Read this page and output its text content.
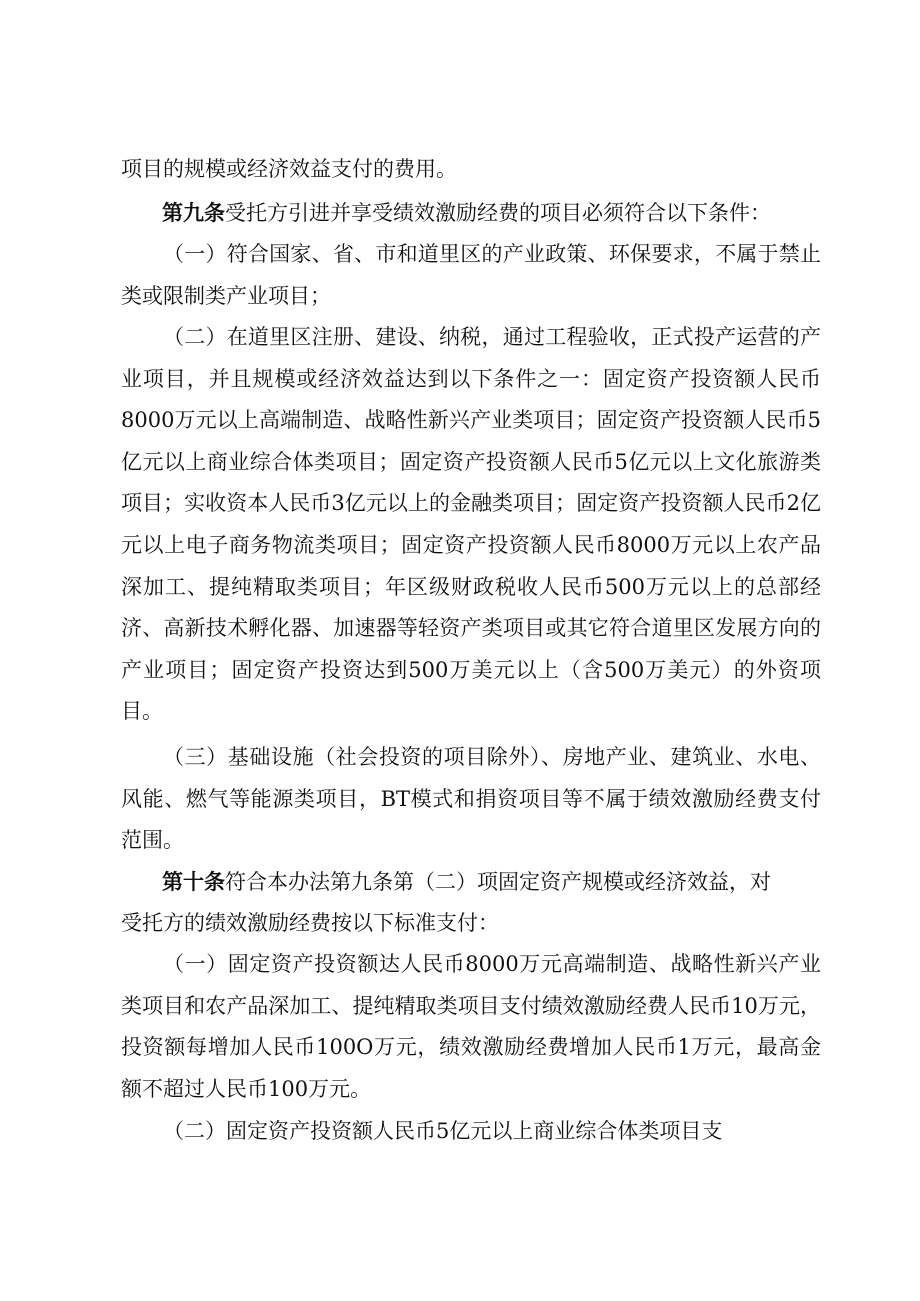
项目的规模或经济效益支付的费用。
第九条受托方引进并享受绩效激励经费的项目必须符合以下条件：
（一）符合国家、省、市和道里区的产业政策、环保要求，不属于禁止类或限制类产业项目；
（二）在道里区注册、建设、纳税，通过工程验收，正式投产运营的产业项目，并且规模或经济效益达到以下条件之一：固定资产投资额人民币8000万元以上高端制造、战略性新兴产业类项目；固定资产投资额人民币5亿元以上商业综合体类项目；固定资产投资额人民币5亿元以上文化旅游类项目；实收资本人民币3亿元以上的金融类项目；固定资产投资额人民币2亿元以上电子商务物流类项目；固定资产投资额人民币8000万元以上农产品深加工、提纯精取类项目；年区级财政税收人民币500万元以上的总部经济、高新技术孵化器、加速器等轻资产类项目或其它符合道里区发展方向的产业项目；固定资产投资达到500万美元以上（含500万美元）的外资项目。
（三）基础设施（社会投资的项目除外）、房地产业、建筑业、水电、风能、燃气等能源类项目，BT模式和捐资项目等不属于绩效激励经费支付范围。
第十条符合本办法第九条第（二）项固定资产规模或经济效益，对
受托方的绩效激励经费按以下标准支付：
（一）固定资产投资额达人民币8000万元高端制造、战略性新兴产业类项目和农产品深加工、提纯精取类项目支付绩效激励经费人民币10万元，投资额每增加人民币100O万元，绩效激励经费增加人民币1万元，最高金额不超过人民币100万元。
（二）固定资产投资额人民币5亿元以上商业综合体类项目支
